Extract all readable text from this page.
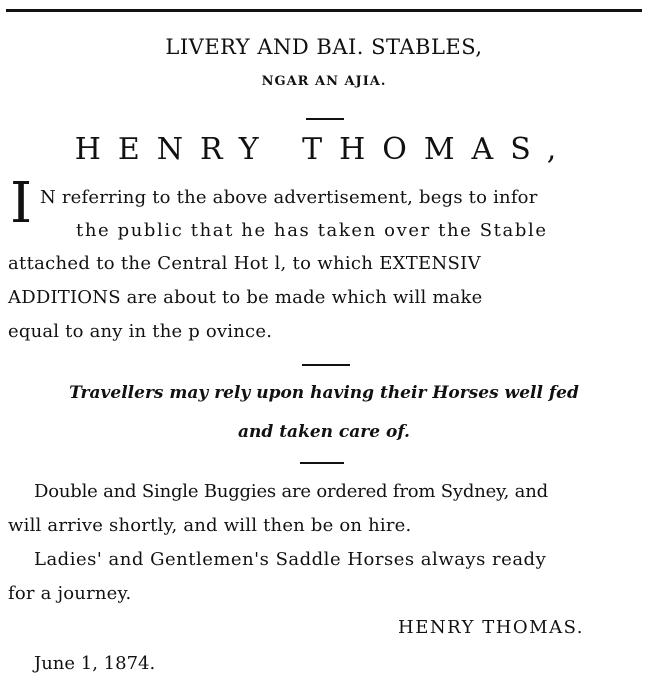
LIVERY AND BAI. STABLES,
NGAR AN AJIA.
HENRY THOMAS,
I N referring to the above advertisement, begs to infor
the public that he has taken over the Stable
attached to the Central Hot l, to which EXTENSIV
ADDITIONS are about to be made which will make
equal to any in the p ovince.
Travellers may rely upon having their Horses well fed
and taken care of.
Double and Single Buggies are ordered from Sydney, and
will arrive shortly, and will then be on hire.
Ladies' and Gentlemen's Saddle Horses always ready
for a journey.
HENRY THOMAS.
June 1, 1874.
